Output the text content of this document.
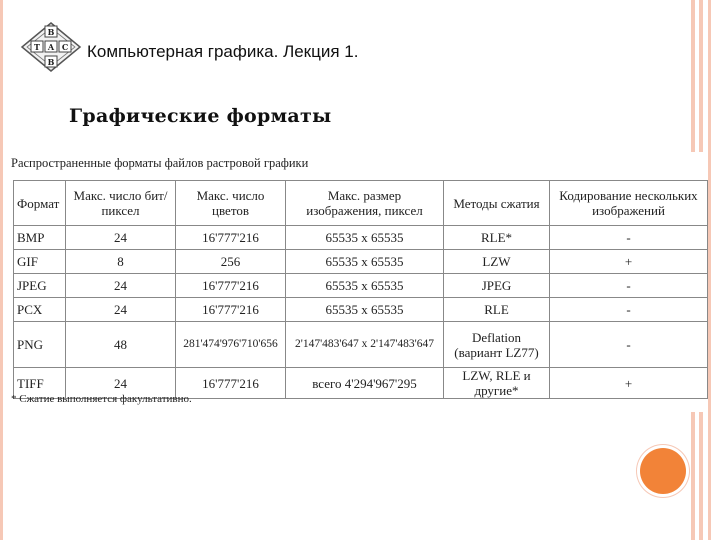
В
Т А С
В
Компьютерная графика. Лекция 1.
Графические форматы
Распространенные форматы файлов растровой графики
Формат	Макс. число бит/ пиксел	Макс. число цветов	Макс. размер изображения, пиксел	Методы сжатия	Кодирование нескольких изображений
BMP	24	16'777'216	65535 x 65535	RLE*	-
GIF	8	256	65535 x 65535	LZW	+
JPEG	24	16'777'216	65535 x 65535	JPEG	-
PCX	24	16'777'216	65535 x 65535	RLE	-
PNG	48	281'474'976'710'656	2'147'483'647 x 2'147'483'647	Deflation (вариант LZ77)	-
TIFF	24	16'777'216	всего 4'294'967'295	LZW, RLE и другие*	+
* Сжатие выполняется факультативно.
